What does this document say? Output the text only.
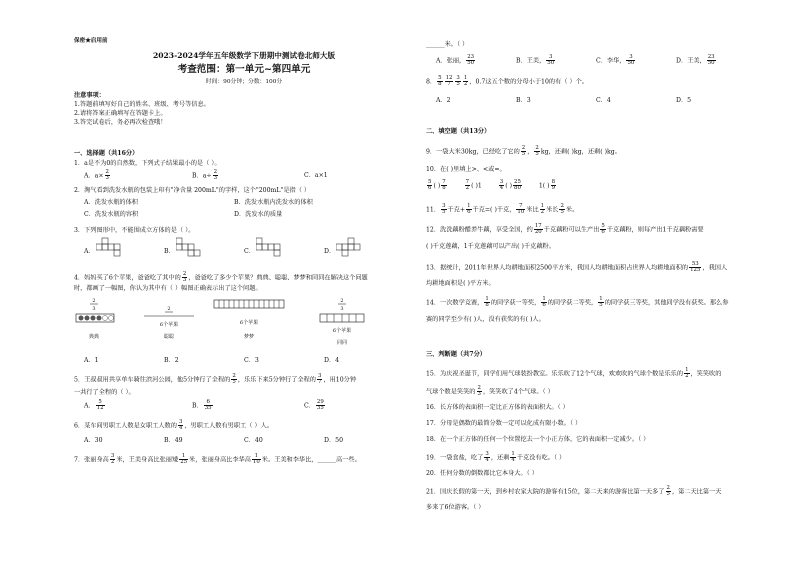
保密★启用前
2023-2024学年五年级数学下册期中测试卷北师大版
考查范围：第一单元~第四单元
时间：90分钟；分数：100分
注意事项：
1.答题前填写好自己的姓名、班级、考号等信息。
2.请将答案正确填写在答题卡上。
3.答完试卷后，务必再次检查哦！
一、选择题（共16分）
1．a是不为0的自然数，下列式子结果最小的是（ ）。
A．$a\times \frac{2}{3}$	B．$a\div \frac{2}{3}$	C．a×1
2．淘气看到洗发水瓶的包装上印有"净含量 200mL"的字样，这个"200mL"是指（ ）
A．洗发水瓶的体积	B．洗发水瓶内洗发水的体积
C．洗发水瓶的容积	D．洗发水的质量
3．下列图形中，不能围成立方体的是（ ）。
A．	B．	C．	D．
4．妈妈买了6个苹果，爸爸吃了其中的 $\frac{2}{3}$ ，爸爸吃了多少个苹果？典典、聪聪、梦梦和同同在解决这个问题
时，都画了一幅图，你认为其中有（ ）幅图正确表示出了这个问题。
2
3
典典
2
6个苹果
聪聪
6个苹果
梦梦
2
3
6个苹果
同同
A．1	B．2	C．3	D．4
5．王叔叔用共享单车骑往滨河公园，他5分钟行了全程的 $\frac{2}{5}$ ，乐乐下来5分钟行了全程的 $\frac{3}{7}$ ，用10分钟
一共行了全程的（ ）。
A． $\frac{5}{12}$	B． $\frac{6}{35}$	C． $\frac{29}{35}$
6．某车间男职工人数是女职工人数的 $\frac{3}{4}$ ，男职工人数有男职工（ ）人。
A．30	B．49	C．40	D．50
7．张丽身高 $\frac{3}{2}$ 米，王美身高比张丽矮 $\frac{1}{25}$ 米，张丽身高比李华高 $\frac{1}{10}$ 米。王美和李华比，______高一些。
______米。（ ）
A．张丽， $\frac{23}{50}$	B．王美， $\frac{3}{50}$	C．李华， $\frac{3}{50}$	D．王美， $\frac{23}{50}$
8． $\frac{5}{8} \frac{12}{7} \frac{3}{5} \frac{1}{2}$ ，0.7这五个数的分母小于10的有（ ）个。
A．2	B．3	C．4	D．5
二、填空题（共13分）
9．一袋大米30kg，已经吃了它的 $\frac{2}{5}$ ， $\frac{2}{5}$ kg，还剩( )kg，还剩( )kg。
10．在( )里填上>、<或=。
$\frac{5}{6}$ ( ) $\frac{7}{8}$
	$\frac{7}{2}$ ( )1	$\frac{3}{4}$ ( ) $\frac{25}{80}$	1( ) $\frac{8}{9}$
11． $\frac{3}{5}$ 千克+ $\frac{1}{6}$ 千克=( )千克， $\frac{7}{10}$ 米比 $\frac{1}{2}$ 米长 $\frac{2}{5}$ 米。
12．洗洗藕粉醋养牛藕，享受全国，约 $\frac{17}{20}$ 千克藕粉可以生产出 $\frac{5}{6}$ 千克藕粉，则每产出1千克藕粉需要
( )千克莲藕，1千克莲藕可以产出( )千克藕粉。
13．据统计，2011年世界人均耕地面积2500平方米，我国人均耕地面积占世界人均耕地面积的 $\frac{53}{125}$ ，我国人
均耕地面积是( )平方米。
14．一次数学竞赛， $\frac{1}{8}$ 的同学获一等奖， $\frac{1}{6}$ 的同学获二等奖， $\frac{1}{5}$ 的同学获三等奖，其他同学没有获奖。那么参
赛的同学至少有( )人，没有获奖的有( )人。
三、判断题（共7分）
15．为庆祝圣诞节，同学们用气球装扮教室。乐乐吹了12个气球，欢欢吹的气球个数是乐乐的 $\frac{1}{2}$ ，笑笑吹的
气球个数是笑笑的 $\frac{2}{3}$ ，笑笑吹了4个气球。（ ）
16．长方体的表面积一定比正方体的表面积大。（ ）
17．分母是偶数的最简分数一定可以化成有限小数。（ ）
18．在一个正方体的任何一个位置挖去一个小正方体，它的表面积一定减少。（ ）
19．一袋食盐，吃了 $\frac{3}{4}$ ，还剩 $\frac{1}{4}$ 千克没有吃。（ ）
20．任何分数的倒数都比它本身大。（ ）
21．国庆长假的第一天，到乡村农家大院的游客有15位，第二天来的游客比第一天多了 $\frac{2}{5}$ ，第二天比第一天
多来了6位游客。（ ）
